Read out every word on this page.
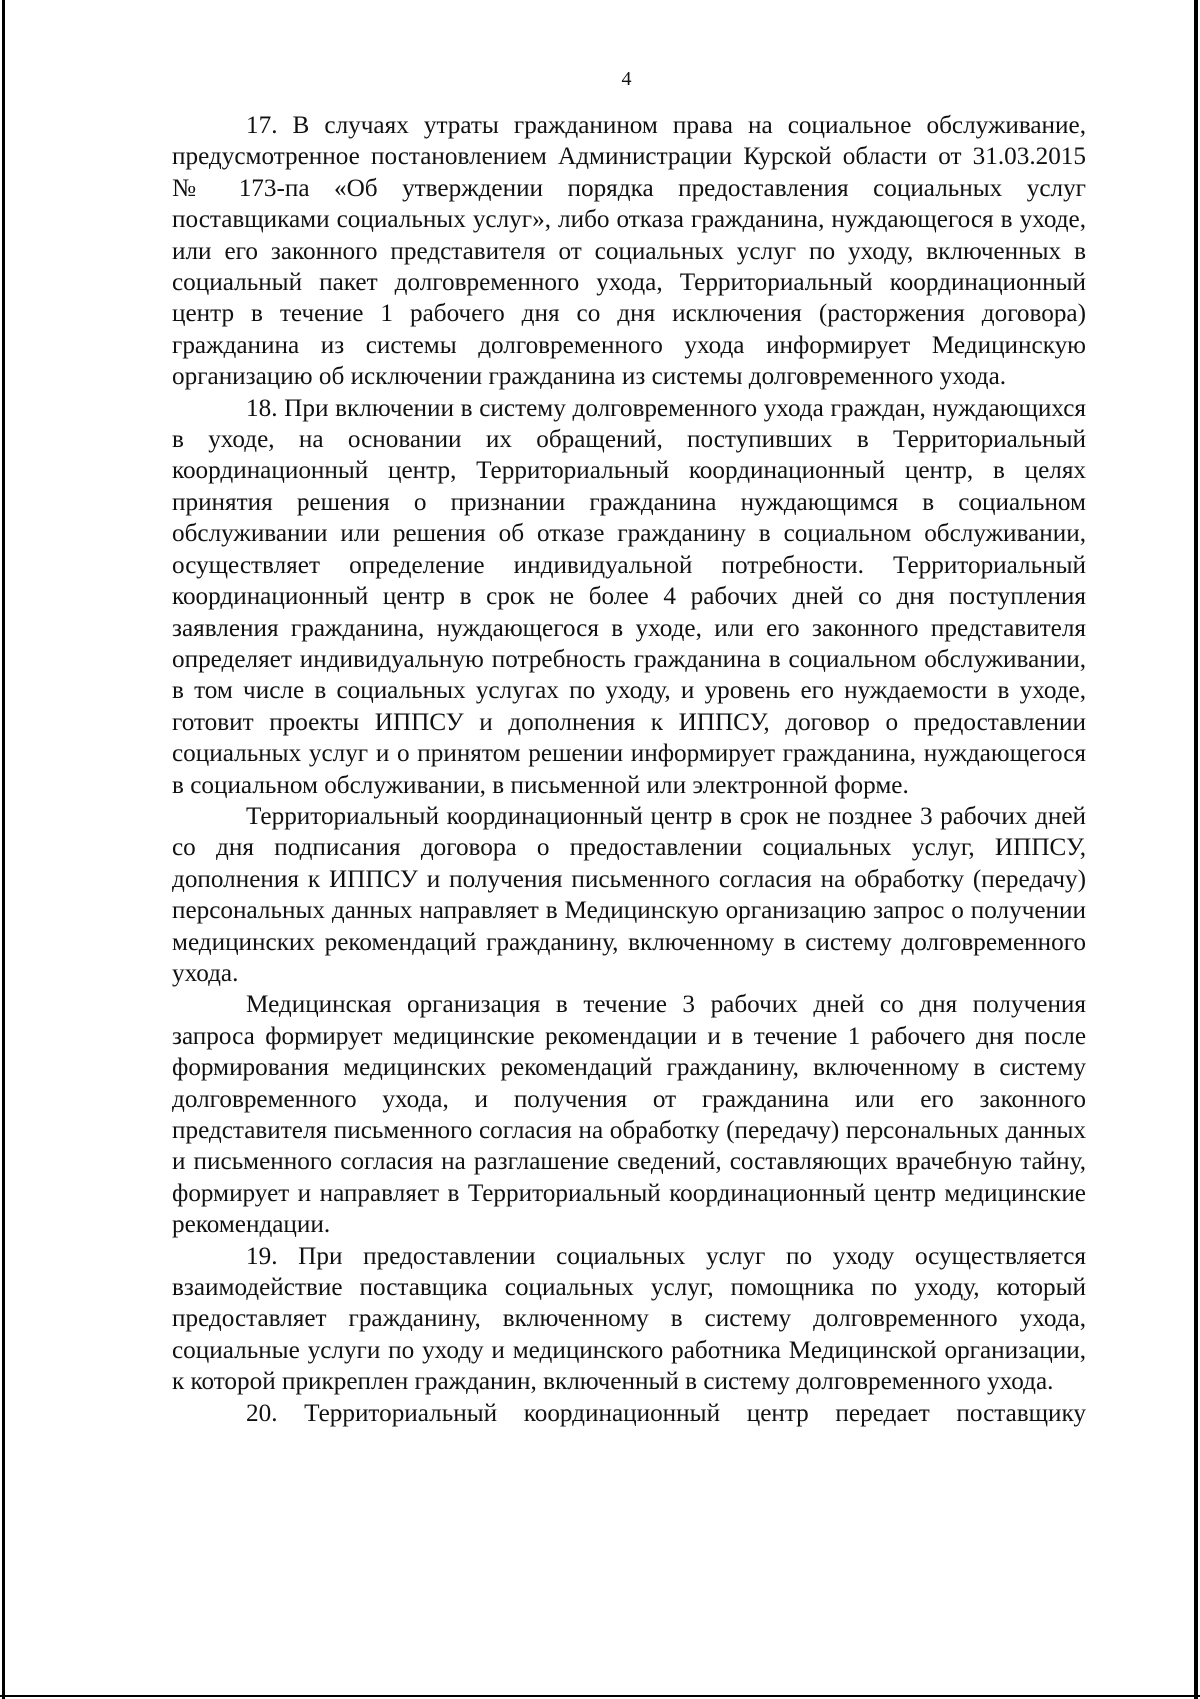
4

17. В случаях утраты гражданином права на социальное обслуживание, предусмотренное постановлением Администрации Курской области от 31.03.2015 № 173-па «Об утверждении порядка предоставления социальных услуг поставщиками социальных услуг», либо отказа гражданина, нуждающегося в уходе, или его законного представителя от социальных услуг по уходу, включенных в социальный пакет долговременного ухода, Территориальный координационный центр в течение 1 рабочего дня со дня исключения (расторжения договора) гражданина из системы долговременного ухода информирует Медицинскую организацию об исключении гражданина из системы долговременного ухода.

18. При включении в систему долговременного ухода граждан, нуждающихся в уходе, на основании их обращений, поступивших в Территориальный координационный центр, Территориальный координационный центр, в целях принятия решения о признании гражданина нуждающимся в социальном обслуживании или решения об отказе гражданину в социальном обслуживании, осуществляет определение индивидуальной потребности. Территориальный координационный центр в срок не более 4 рабочих дней со дня поступления заявления гражданина, нуждающегося в уходе, или его законного представителя определяет индивидуальную потребность гражданина в социальном обслуживании, в том числе в социальных услугах по уходу, и уровень его нуждаемости в уходе, готовит проекты ИППСУ и дополнения к ИППСУ, договор о предоставлении социальных услуг и о принятом решении информирует гражданина, нуждающегося в социальном обслуживании, в письменной или электронной форме.

Территориальный координационный центр в срок не позднее 3 рабочих дней со дня подписания договора о предоставлении социальных услуг, ИППСУ, дополнения к ИППСУ и получения письменного согласия на обработку (передачу) персональных данных направляет в Медицинскую организацию запрос о получении медицинских рекомендаций гражданину, включенному в систему долговременного ухода.

Медицинская организация в течение 3 рабочих дней со дня получения запроса формирует медицинские рекомендации и в течение 1 рабочего дня после формирования медицинских рекомендаций гражданину, включенному в систему долговременного ухода, и получения от гражданина или его законного представителя письменного согласия на обработку (передачу) персональных данных и письменного согласия на разглашение сведений, составляющих врачебную тайну, формирует и направляет в Территориальный координационный центр медицинские рекомендации.

19. При предоставлении социальных услуг по уходу осуществляется взаимодействие поставщика социальных услуг, помощника по уходу, который предоставляет гражданину, включенному в систему долговременного ухода, социальные услуги по уходу и медицинского работника Медицинской организации, к которой прикреплен гражданин, включенный в систему долговременного ухода.

20. Территориальный координационный центр передает поставщику
